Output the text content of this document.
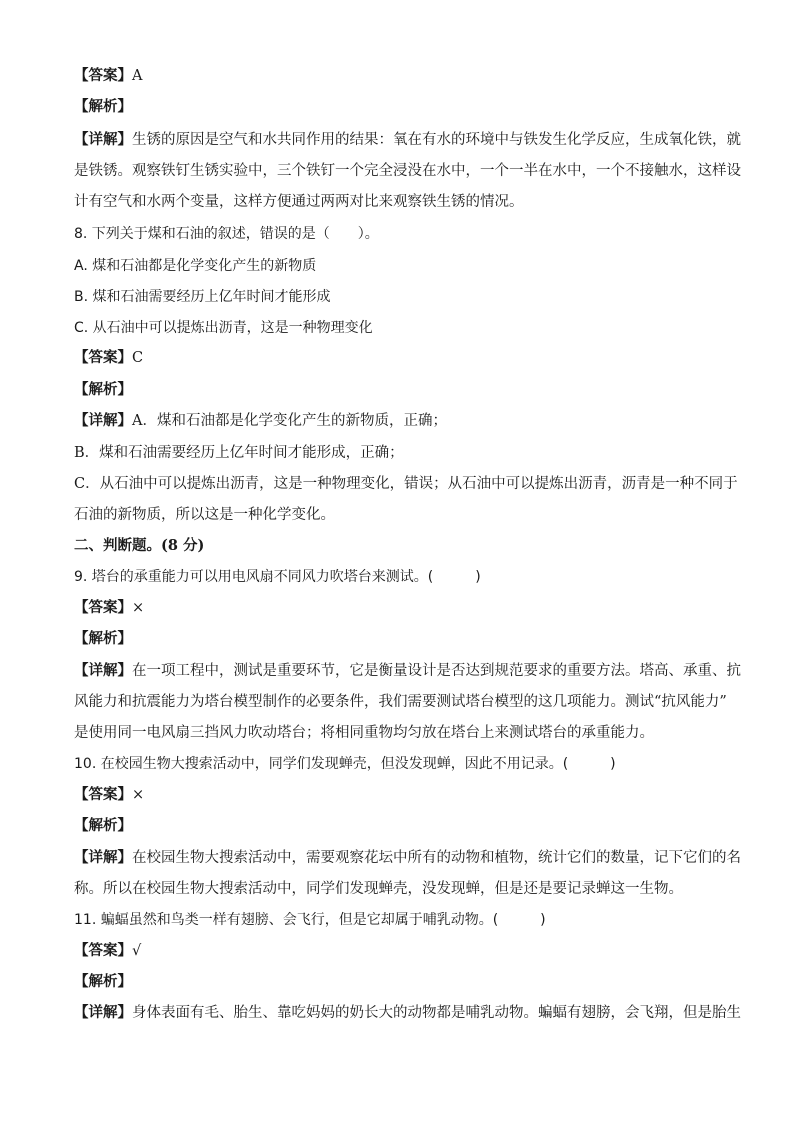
【答案】A
【解析】
【详解】生锈的原因是空气和水共同作用的结果：氧在有水的环境中与铁发生化学反应，生成氧化铁，就
是铁锈。观察铁钉生锈实验中，三个铁钉一个完全浸没在水中，一个一半在水中，一个不接触水，这样设
计有空气和水两个变量，这样方便通过两两对比来观察铁生锈的情况。
8. 下列关于煤和石油的叙述，错误的是（　　）。
A. 煤和石油都是化学变化产生的新物质
B. 煤和石油需要经历上亿年时间才能形成
C. 从石油中可以提炼出沥青，这是一种物理变化
【答案】C
【解析】
【详解】A．煤和石油都是化学变化产生的新物质，正确；
B．煤和石油需要经历上亿年时间才能形成，正确；
C．从石油中可以提炼出沥青，这是一种物理变化，错误；从石油中可以提炼出沥青，沥青是一种不同于
石油的新物质，所以这是一种化学变化。
二、判断题。(8 分)
9. 塔台的承重能力可以用电风扇不同风力吹塔台来测试。(　　　)
【答案】×
【解析】
【详解】在一项工程中，测试是重要环节，它是衡量设计是否达到规范要求的重要方法。塔高、承重、抗
风能力和抗震能力为塔台模型制作的必要条件，我们需要测试塔台模型的这几项能力。测试“抗风能力”
是使用同一电风扇三挡风力吹动塔台；将相同重物均匀放在塔台上来测试塔台的承重能力。
10. 在校园生物大搜索活动中，同学们发现蝉壳，但没发现蝉，因此不用记录。(　　　)
【答案】×
【解析】
【详解】在校园生物大搜索活动中，需要观察花坛中所有的动物和植物，统计它们的数量，记下它们的名
称。所以在校园生物大搜索活动中，同学们发现蝉壳，没发现蝉，但是还是要记录蝉这一生物。
11. 蝙蝠虽然和鸟类一样有翅膀、会飞行，但是它却属于哺乳动物。(　　　)
【答案】√
【解析】
【详解】身体表面有毛、胎生、靠吃妈妈的奶长大的动物都是哺乳动物。蝙蝠有翅膀，会飞翔，但是胎生
